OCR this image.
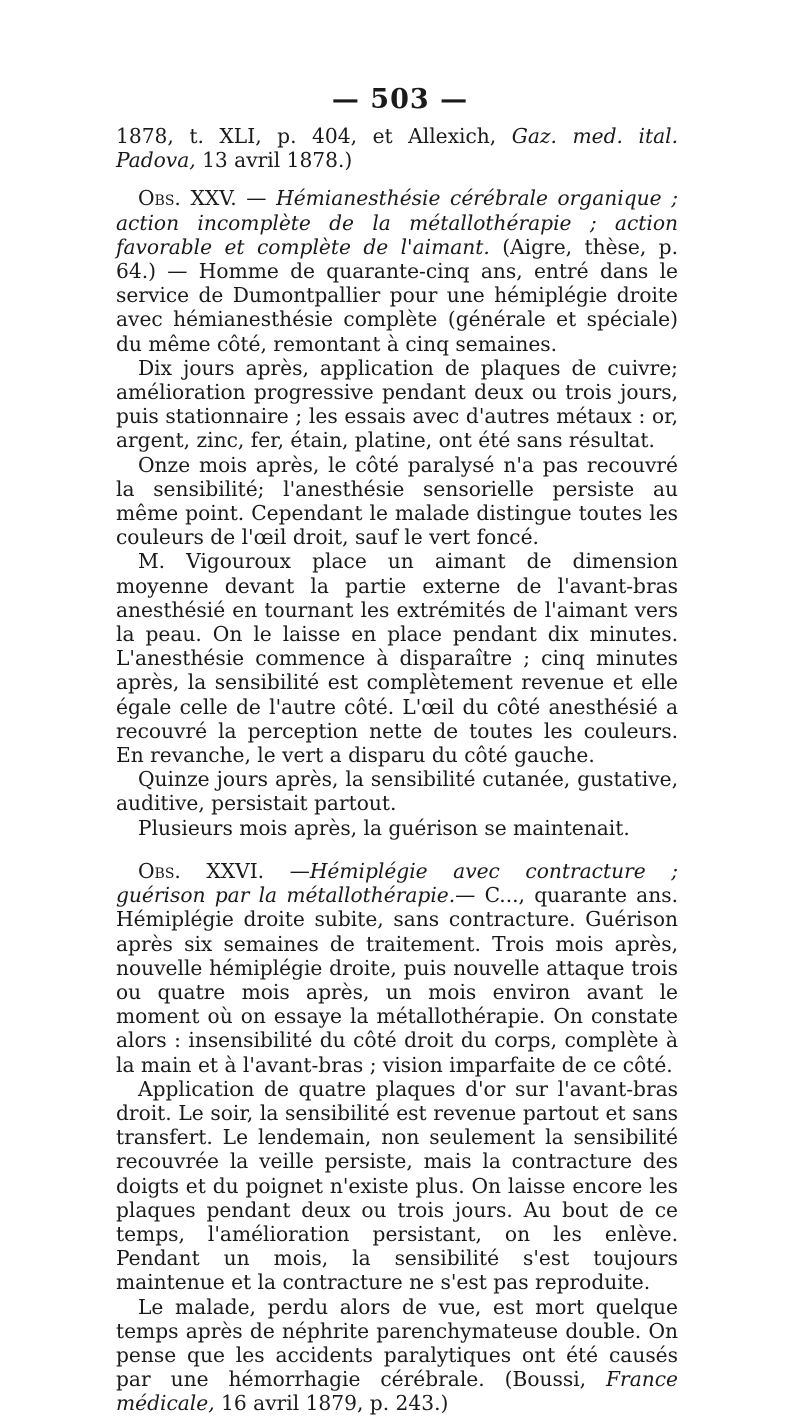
— 503 —

1878, t. XLI, p. 404, et Allexich, Gaz. med. ital. Padova, 13 avril 1878.)

Obs. XXV. — Hémianesthésie cérébrale organique ; action incomplète de la métallothérapie ; action favorable et complète de l'aimant. (Aigre, thèse, p. 64.) — Homme de quarante-cinq ans, entré dans le service de Dumontpallier pour une hémiplégie droite avec hémianesthésie complète (générale et spéciale) du même côté, remontant à cinq semaines.

Dix jours après, application de plaques de cuivre; amélioration progressive pendant deux ou trois jours, puis stationnaire ; les essais avec d'autres métaux : or, argent, zinc, fer, étain, platine, ont été sans résultat.

Onze mois après, le côté paralysé n'a pas recouvré la sensibilité; l'anesthésie sensorielle persiste au même point. Cependant le malade distingue toutes les couleurs de l'œil droit, sauf le vert foncé.

M. Vigouroux place un aimant de dimension moyenne devant la partie externe de l'avant-bras anesthésié en tournant les extrémités de l'aimant vers la peau. On le laisse en place pendant dix minutes. L'anesthésie commence à disparaître ; cinq minutes après, la sensibilité est complètement revenue et elle égale celle de l'autre côté. L'œil du côté anesthésié a recouvré la perception nette de toutes les couleurs. En revanche, le vert a disparu du côté gauche.

Quinze jours après, la sensibilité cutanée, gustative, auditive, persistait partout.

Plusieurs mois après, la guérison se maintenait.

Obs. XXVI. —Hémiplégie avec contracture ; guérison par la métallothérapie.— C..., quarante ans. Hémiplégie droite subite, sans contracture. Guérison après six semaines de traitement. Trois mois après, nouvelle hémiplégie droite, puis nouvelle attaque trois ou quatre mois après, un mois environ avant le moment où on essaye la métallothérapie. On constate alors : insensibilité du côté droit du corps, complète à la main et à l'avant-bras ; vision imparfaite de ce côté.

Application de quatre plaques d'or sur l'avant-bras droit. Le soir, la sensibilité est revenue partout et sans transfert. Le lendemain, non seulement la sensibilité recouvrée la veille persiste, mais la contracture des doigts et du poignet n'existe plus. On laisse encore les plaques pendant deux ou trois jours. Au bout de ce temps, l'amélioration persistant, on les enlève. Pendant un mois, la sensibilité s'est toujours maintenue et la contracture ne s'est pas reproduite.

Le malade, perdu alors de vue, est mort quelque temps après de néphrite parenchymateuse double. On pense que les accidents paralytiques ont été causés par une hémorrhagie cérébrale. (Boussi, France médicale, 16 avril 1879, p. 243.)
